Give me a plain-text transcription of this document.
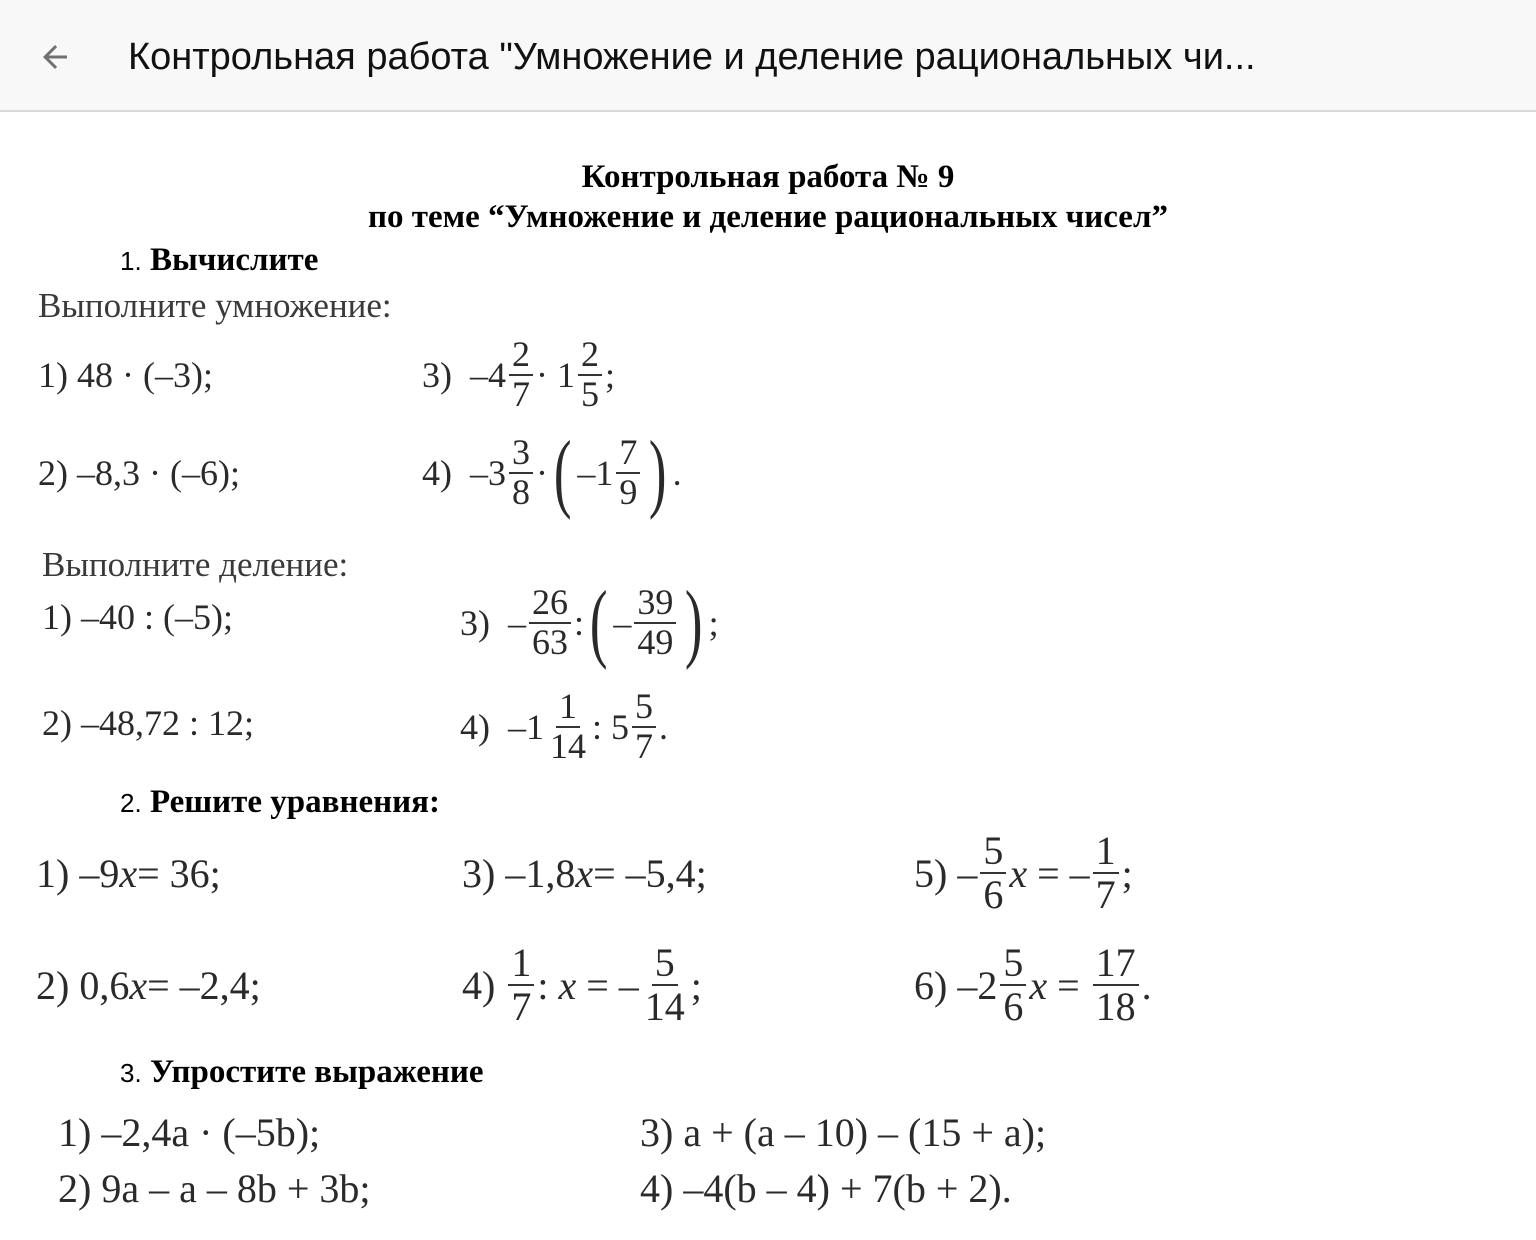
Контрольная работа "Умножение и деление рациональных чи...
Контрольная работа № 9
по теме “Умножение и деление рациональных чисел”
1. Вычислите
Выполните умножение:
1)
48 · (–3);
2)
–8,3 · (–6);
3)
$-4 \frac{2}{7}$ ·
$1 \frac{2}{5}$ ;
4)
$-3 \frac{3}{8}$ · ( $-1 \frac{7}{9}$ ) .
Выполните деление:
1)
–40 : (–5);
2)
–48,72 : 12;
3)
– $\frac{26}{63}$ : ( – $\frac{39}{49}$ ) ;
4)
$-1 \frac{1}{14}$ :
$5 \frac{5}{7}$ .
2. Решите уравнения:
1)
–9 x = 36;
2)
0,6 x = –2,4;
3)
–1,8 x = –5,4;
4)
$\frac{1}{7}$ :
x
= – $\frac{5}{14}$ ;
5)
– $\frac{5}{6}$ x
= – $\frac{1}{7}$ ;
6)
$-2 \frac{5}{6}$ x
=
$\frac{17}{18}$ .
3. Упростите выражение
1)
–2,4a · (–5b);
2)
9a – a – 8b + 3b;
3)
a + (a – 10) – (15 + a);
4)
–4(b – 4) + 7(b + 2).
